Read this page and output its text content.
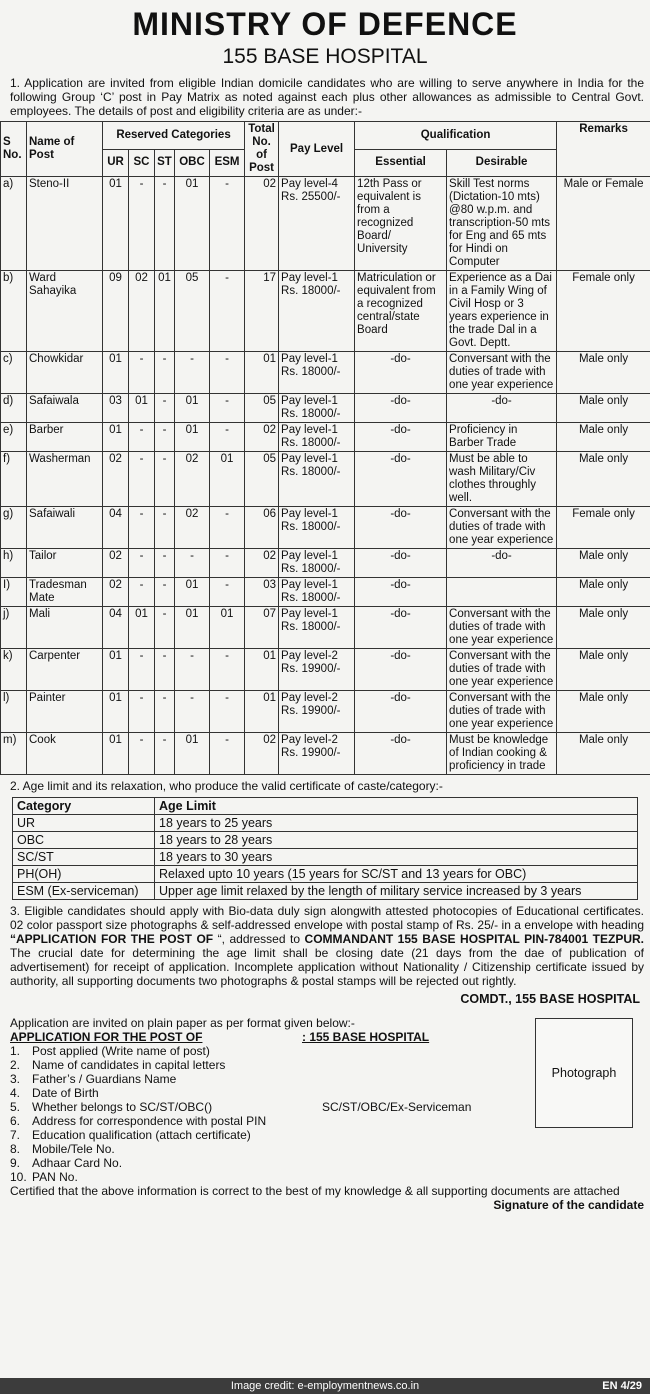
MINISTRY OF DEFENCE
155 BASE HOSPITAL
1. Application are invited from eligible Indian domicile candidates who are willing to serve anywhere in India for the following Group ‘C’ post in Pay Matrix as noted against each plus other allowances as admissible to Central Govt. employees. The details of post and eligibility criteria are as under:-
S No.	Name of Post	Reserved Categories					Total No. of Post	Pay Level	Qualification		Remarks
		UR	SC	ST	OBC	ESM			Essential	Desirable	
a)	Steno-II	01	-	-	01	-	02	Pay level-4 Rs. 25500/-	12th Pass or equivalent is from a recognized Board/ University	Skill Test norms (Dictation-10 mts) @80 w.p.m. and transcription-50 mts for Eng and 65 mts for Hindi on Computer	Male or Female
b)	Ward Sahayika	09	02	01	05	-	17	Pay level-1 Rs. 18000/-	Matriculation or equivalent from a recognized central/state Board	Experience as a Dai in a Family Wing of Civil Hosp or 3 years experience in the trade Dal in a Govt. Deptt.	Female only
c)	Chowkidar	01	-	-	-	-	01	Pay level-1 Rs. 18000/-	-do-	Conversant with the duties of trade with one year experience	Male only
d)	Safaiwala	03	01	-	01	-	05	Pay level-1 Rs. 18000/-	-do-	-do-	Male only
e)	Barber	01	-	-	01	-	02	Pay level-1 Rs. 18000/-	-do-	Proficiency in Barber Trade	Male only
f)	Washerman	02	-	-	02	01	05	Pay level-1 Rs. 18000/-	-do-	Must be able to wash Military/Civ clothes throughly well.	Male only
g)	Safaiwali	04	-	-	02	-	06	Pay level-1 Rs. 18000/-	-do-	Conversant with the duties of trade with one year experience	Female only
h)	Tailor	02	-	-	-	-	02	Pay level-1 Rs. 18000/-	-do-	-do-	Male only
I)	Tradesman Mate	02	-	-	01	-	03	Pay level-1 Rs. 18000/-	-do-		Male only
j)	Mali	04	01	-	01	01	07	Pay level-1 Rs. 18000/-	-do-	Conversant with the duties of trade with one year experience	Male only
k)	Carpenter	01	-	-	-	-	01	Pay level-2 Rs. 19900/-	-do-	Conversant with the duties of trade with one year experience	Male only
l)	Painter	01	-	-	-	-	01	Pay level-2 Rs. 19900/-	-do-	Conversant with the duties of trade with one year experience	Male only
m)	Cook	01	-	-	01	-	02	Pay level-2 Rs. 19900/-	-do-	Must be knowledge of Indian cooking & proficiency in trade	Male only
2. Age limit and its relaxation, who produce the valid certificate of caste/category:-
Category	Age Limit
UR	18 years to 25 years
OBC	18 years to 28 years
SC/ST	18 years to 30 years
PH(OH)	Relaxed upto 10 years (15 years for SC/ST and 13 years for OBC)
ESM (Ex-serviceman)	Upper age limit relaxed by the length of military service increased by 3 years
3. Eligible candidates should apply with Bio-data duly sign alongwith attested photocopies of Educational certificates. 02 color passport size photographs & self-addressed envelope with postal stamp of Rs. 25/- in a envelope with heading “APPLICATION FOR THE POST OF “, addressed to COMMANDANT 155 BASE HOSPITAL PIN-784001 TEZPUR. The crucial date for determining the age limit shall be closing date (21 days from the dae of publication of advertisement) for receipt of application. Incomplete application without Nationality / Citizenship certificate issued by authority, all supporting documents two photographs & postal stamps will be rejected out rightly.
COMDT., 155 BASE HOSPITAL
Application are invited on plain paper as per format given below:-
APPLICATION FOR THE POST OF	: 155 BASE HOSPITAL
1. Post applied (Write name of post)
2. Name of candidates in capital letters
3. Father’s / Guardians Name
4. Date of Birth
5. Whether belongs to SC/ST/OBC()	SC/ST/OBC/Ex-Serviceman
6. Address for correspondence with postal PIN
7. Education qualification (attach certificate)
8. Mobile/Tele No.
9. Adhaar Card No.
10. PAN No.
Photograph
Certified that the above information is correct to the best of my knowledge & all supporting documents are attached
Signature of the candidate
Image credit: e-employmentnews.co.in	EN 4/29
